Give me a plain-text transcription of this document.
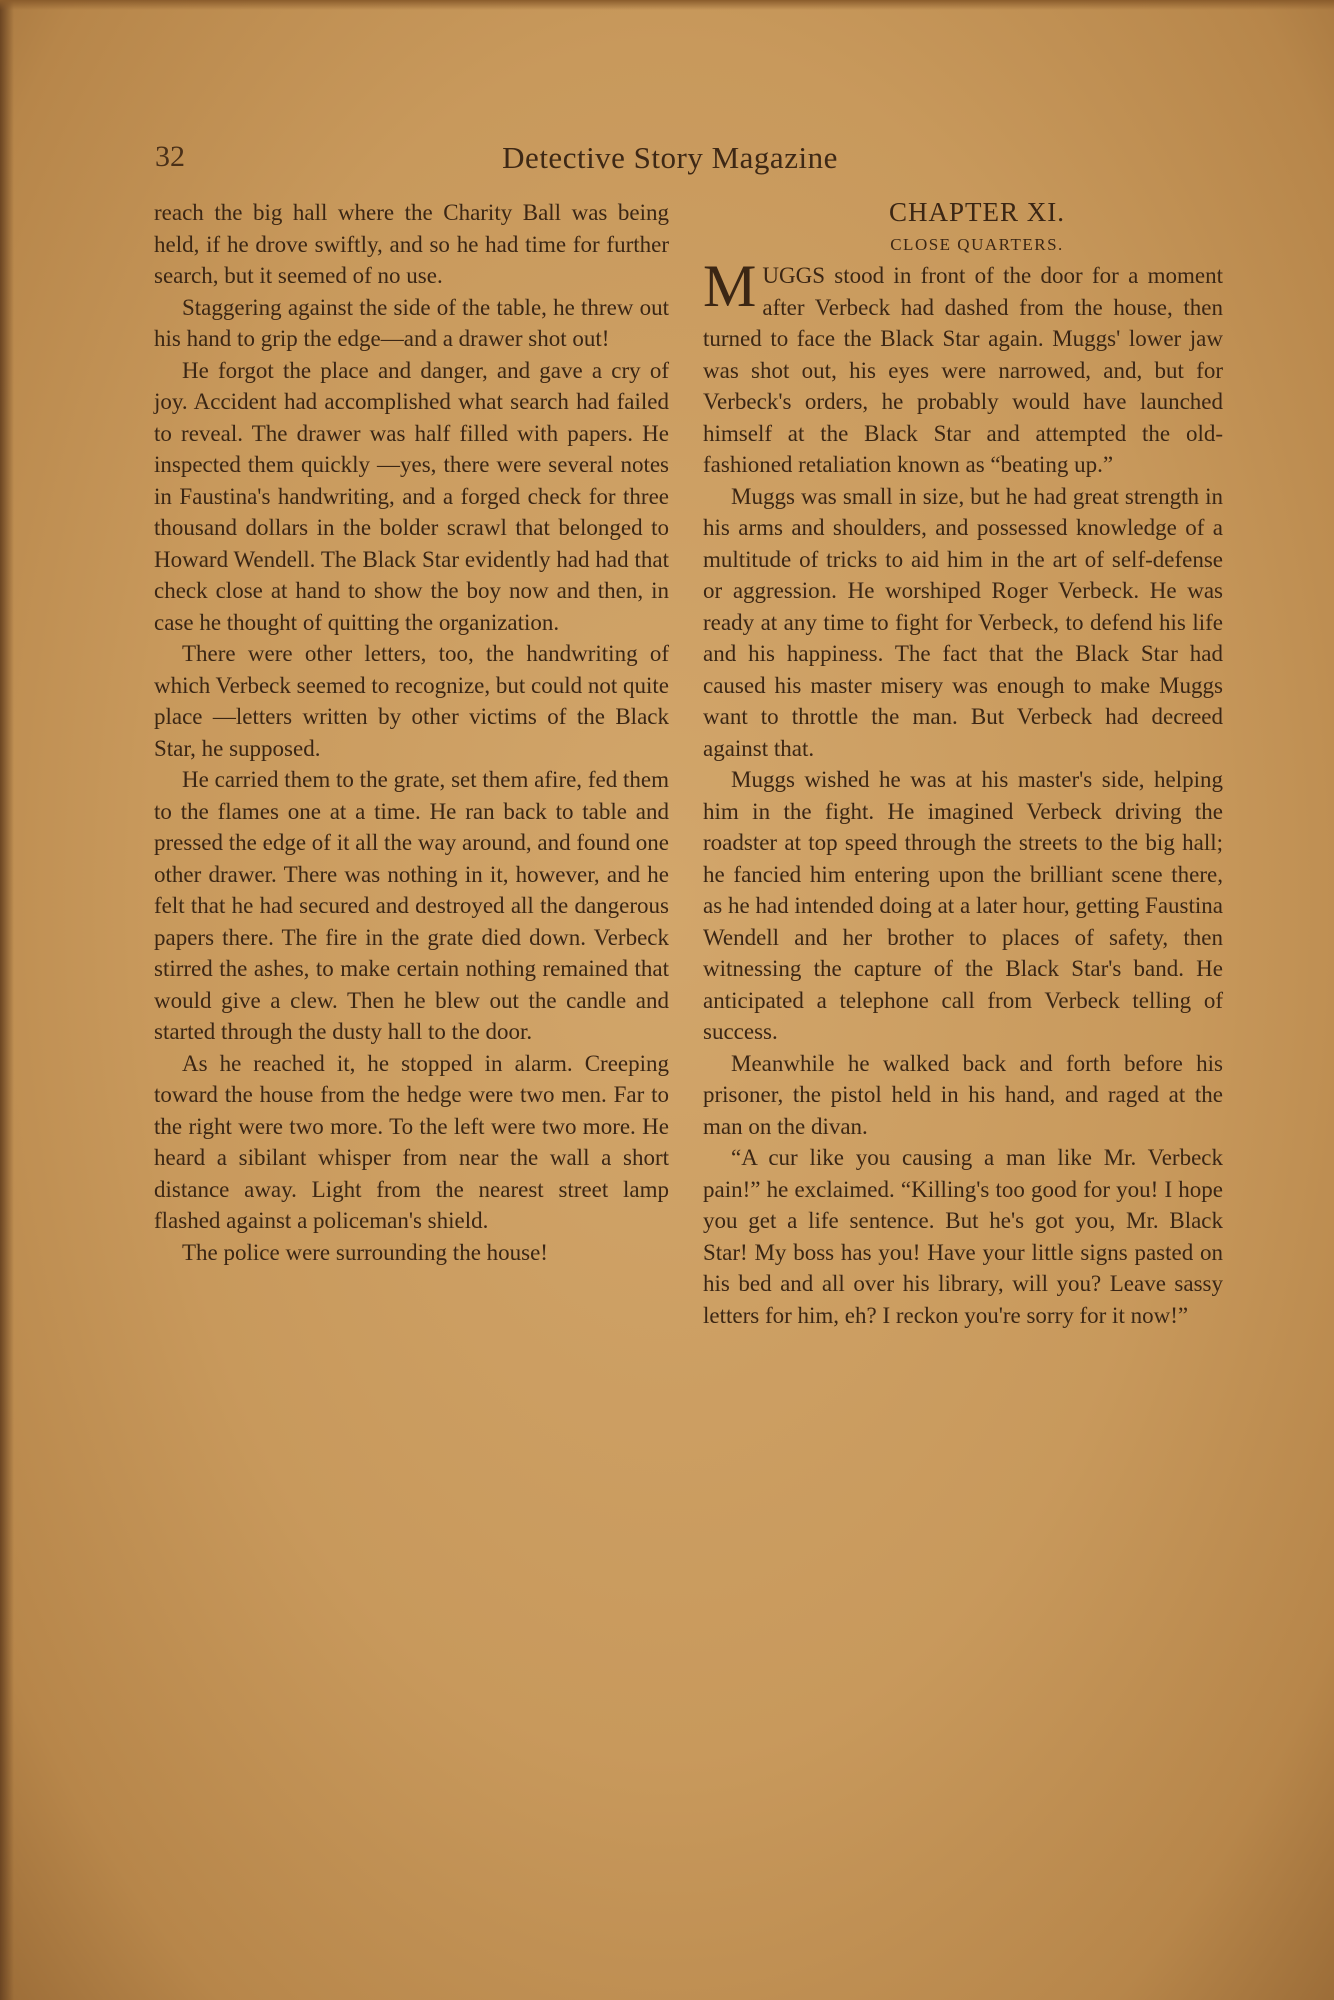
32	Detective Story Magazine

reach the big hall where the Charity Ball was being held, if he drove swiftly, and so he had time for further search, but it seemed of no use.

Staggering against the side of the table, he threw out his hand to grip the edge—and a drawer shot out!

He forgot the place and danger, and gave a cry of joy. Accident had accomplished what search had failed to reveal. The drawer was half filled with papers. He inspected them quickly —yes, there were several notes in Faustina's handwriting, and a forged check for three thousand dollars in the bolder scrawl that belonged to Howard Wendell. The Black Star evidently had had that check close at hand to show the boy now and then, in case he thought of quitting the organization.

There were other letters, too, the handwriting of which Verbeck seemed to recognize, but could not quite place —letters written by other victims of the Black Star, he supposed.

He carried them to the grate, set them afire, fed them to the flames one at a time. He ran back to table and pressed the edge of it all the way around, and found one other drawer. There was nothing in it, however, and he felt that he had secured and destroyed all the dangerous papers there. The fire in the grate died down. Verbeck stirred the ashes, to make certain nothing remained that would give a clew. Then he blew out the candle and started through the dusty hall to the door.

As he reached it, he stopped in alarm. Creeping toward the house from the hedge were two men. Far to the right were two more. To the left were two more. He heard a sibilant whisper from near the wall a short distance away. Light from the nearest street lamp flashed against a policeman's shield.

The police were surrounding the house!

CHAPTER XI.

CLOSE QUARTERS.

MUGGS stood in front of the door for a moment after Verbeck had dashed from the house, then turned to face the Black Star again. Muggs' lower jaw was shot out, his eyes were narrowed, and, but for Verbeck's orders, he probably would have launched himself at the Black Star and attempted the old-fashioned retaliation known as “beating up.”

Muggs was small in size, but he had great strength in his arms and shoulders, and possessed knowledge of a multitude of tricks to aid him in the art of self-defense or aggression. He worshiped Roger Verbeck. He was ready at any time to fight for Verbeck, to defend his life and his happiness. The fact that the Black Star had caused his master misery was enough to make Muggs want to throttle the man. But Verbeck had decreed against that.

Muggs wished he was at his master's side, helping him in the fight. He imagined Verbeck driving the roadster at top speed through the streets to the big hall; he fancied him entering upon the brilliant scene there, as he had intended doing at a later hour, getting Faustina Wendell and her brother to places of safety, then witnessing the capture of the Black Star's band. He anticipated a telephone call from Verbeck telling of success.

Meanwhile he walked back and forth before his prisoner, the pistol held in his hand, and raged at the man on the divan.

“A cur like you causing a man like Mr. Verbeck pain!” he exclaimed. “Killing's too good for you! I hope you get a life sentence. But he's got you, Mr. Black Star! My boss has you! Have your little signs pasted on his bed and all over his library, will you? Leave sassy letters for him, eh? I reckon you're sorry for it now!”
